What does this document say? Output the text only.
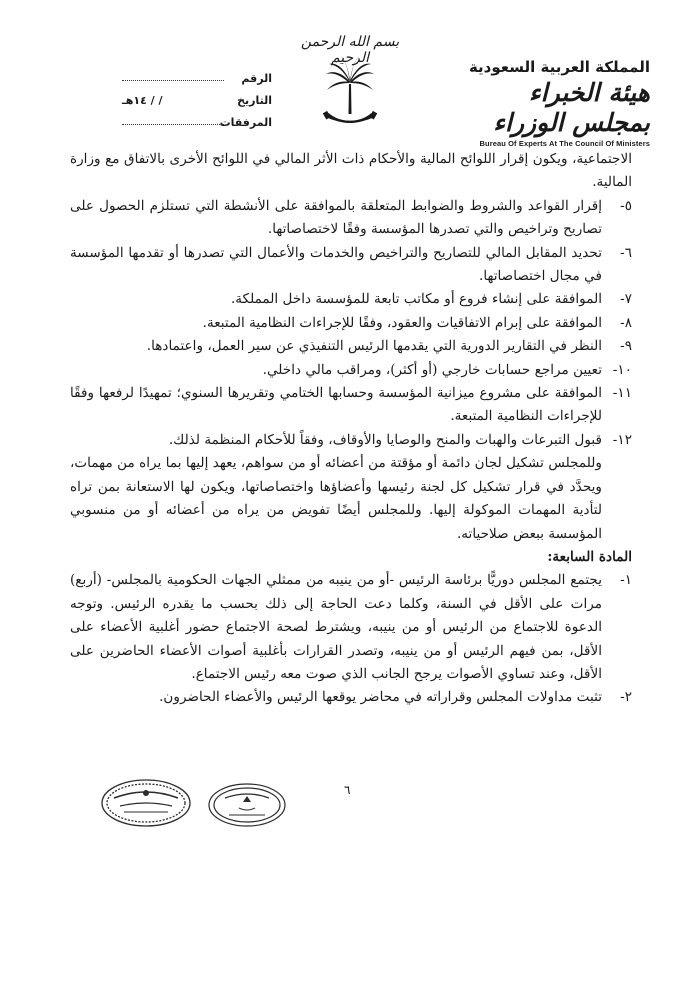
المملكة العربية السعودية
هيئة الخبراء بمجلس الوزراء
Bureau Of Experts At The Council Of Ministers
بسم الله الرحمن الرحيم
الرقم
التاريخ
/ / ١٤هـ
المرفقات

الاجتماعية، ويكون إقرار اللوائح المالية والأحكام ذات الأثر المالي في اللوائح الأخرى بالاتفاق مع وزارة المالية.

٥-

إقرار القواعد والشروط والضوابط المتعلقة بالموافقة على الأنشطة التي تستلزم الحصول على تصاريح وتراخيص والتي تصدرها المؤسسة وفقًا لاختصاصاتها.

٦-

تحديد المقابل المالي للتصاريح والتراخيص والخدمات والأعمال التي تصدرها أو تقدمها المؤسسة في مجال اختصاصاتها.

٧-

الموافقة على إنشاء فروع أو مكاتب تابعة للمؤسسة داخل المملكة.

٨-

الموافقة على إبرام الاتفاقيات والعقود، وفقًا للإجراءات النظامية المتبعة.

٩-

النظر في التقارير الدورية التي يقدمها الرئيس التنفيذي عن سير العمل، واعتمادها.

١٠-

تعيين مراجع حسابات خارجي (أو أكثر)، ومراقب مالي داخلي.

١١-

الموافقة على مشروع ميزانية المؤسسة وحسابها الختامي وتقريرها السنوي؛ تمهيدًا لرفعها وفقًا للإجراءات النظامية المتبعة.

١٢-

قبول التبرعات والهبات والمنح والوصايا والأوقاف، وفقاً للأحكام المنظمة لذلك.

وللمجلس تشكيل لجان دائمة أو مؤقتة من أعضائه أو من سواهم، يعهد إليها بما يراه من مهمات، ويحدَّد في قرار تشكيل كل لجنة رئيسها وأعضاؤها واختصاصاتها، ويكون لها الاستعانة بمن تراه لتأدية المهمات الموكولة إليها. وللمجلس أيضًا تفويض من يراه من أعضائه أو من منسوبي المؤسسة ببعض صلاحياته.

المادة السابعة:

١-

يجتمع المجلس دوريًّا برئاسة الرئيس -أو من ينيبه من ممثلي الجهات الحكومية بالمجلس- (أربع) مرات على الأقل في السنة، وكلما دعت الحاجة إلى ذلك بحسب ما يقدره الرئيس. وتوجه الدعوة للاجتماع من الرئيس أو من ينيبه، ويشترط لصحة الاجتماع حضور أغلبية الأعضاء على الأقل، بمن فيهم الرئيس أو من ينيبه، وتصدر القرارات بأغلبية أصوات الأعضاء الحاضرين على الأقل، وعند تساوي الأصوات يرجح الجانب الذي صوت معه رئيس الاجتماع.

٢-

تثبت مداولات المجلس وقراراته في محاضر يوقعها الرئيس والأعضاء الحاضرون.

٦
